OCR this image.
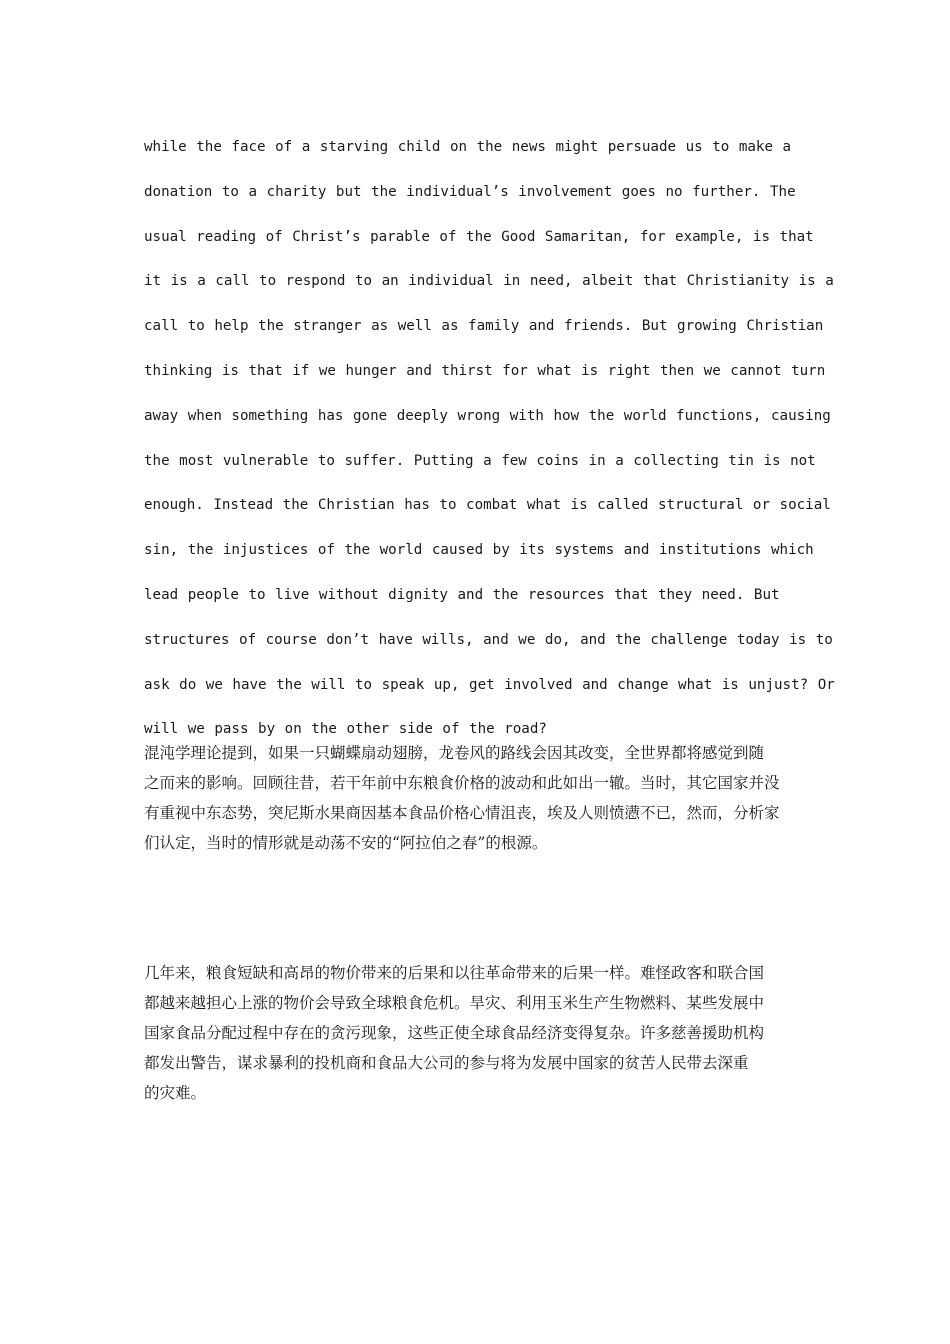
while the face of a starving child on the news might persuade us to make a
donation to a charity but the individual’s involvement goes no further. The
usual reading of Christ’s parable of the Good Samaritan, for example, is that
it is a call to respond to an individual in need, albeit that Christianity is a
call to help the stranger as well as family and friends. But growing Christian
thinking is that if we hunger and thirst for what is right then we cannot turn
away when something has gone deeply wrong with how the world functions, causing
the most vulnerable to suffer. Putting a few coins in a collecting tin is not
enough. Instead the Christian has to combat what is called structural or social
sin, the injustices of the world caused by its systems and institutions which
lead people to live without dignity and the resources that they need. But
structures of course don’t have wills, and we do, and the challenge today is to
ask do we have the will to speak up, get involved and change what is unjust? Or
will we pass by on the other side of the road?
混沌学理论提到，如果一只蝴蝶扇动翅膀，龙卷风的路线会因其改变，全世界都将感觉到随
之而来的影响。回顾往昔，若干年前中东粮食价格的波动和此如出一辙。当时，其它国家并没
有重视中东态势，突尼斯水果商因基本食品价格心情沮丧，埃及人则愤懑不已，然而，分析家
们认定，当时的情形就是动荡不安的“阿拉伯之春”的根源。
几年来，粮食短缺和高昂的物价带来的后果和以往革命带来的后果一样。难怪政客和联合国
都越来越担心上涨的物价会导致全球粮食危机。旱灾、利用玉米生产生物燃料、某些发展中
国家食品分配过程中存在的贪污现象，这些正使全球食品经济变得复杂。许多慈善援助机构
都发出警告，谋求暴利的投机商和食品大公司的参与将为发展中国家的贫苦人民带去深重
的灾难。
